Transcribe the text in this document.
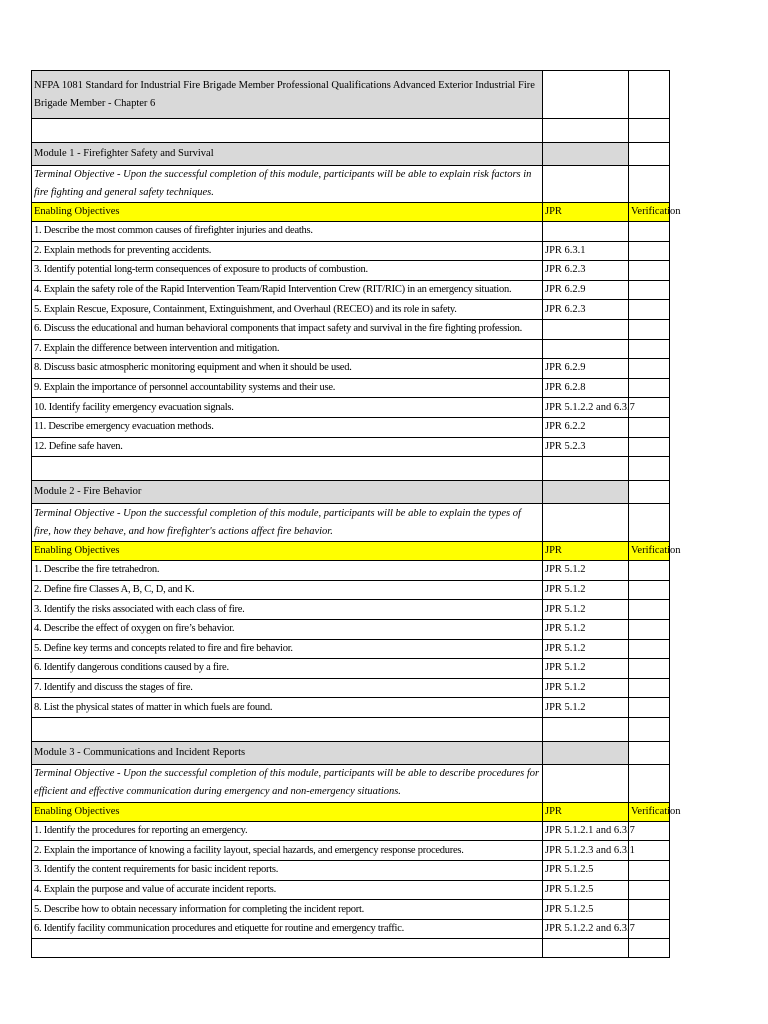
NFPA 1081 Standard for Industrial Fire Brigade Member Professional Qualifications Advanced Exterior Industrial Fire Brigade Member - Chapter 6		

Module 1 - Firefighter Safety and Survival		
Terminal Objective - Upon the successful completion of this module, participants will be able to explain risk factors in fire fighting and general safety techniques.		
Enabling Objectives	JPR	Verification
1. Describe the most common causes of firefighter injuries and deaths.		
2. Explain methods for preventing accidents.	JPR 6.3.1	
3. Identify potential long-term consequences of exposure to products of combustion.	JPR 6.2.3	
4. Explain the safety role of the Rapid Intervention Team/Rapid Intervention Crew (RIT/RIC) in an emergency situation.	JPR 6.2.9	
5. Explain Rescue, Exposure, Containment, Extinguishment, and Overhaul (RECEO) and its role in safety.	JPR 6.2.3	
6. Discuss the educational and human behavioral components that impact safety and survival in the fire fighting profession.		
7. Explain the difference between intervention and mitigation.		
8. Discuss basic atmospheric monitoring equipment and when it should be used.	JPR 6.2.9	
9. Explain the importance of personnel accountability systems and their use.	JPR 6.2.8	
10. Identify facility emergency evacuation signals.	JPR 5.1.2.2 and 6.3.7	
11. Describe emergency evacuation methods.	JPR 6.2.2	
12. Define safe haven.	JPR 5.2.3	

Module 2 - Fire Behavior		
Terminal Objective - Upon the successful completion of this module, participants will be able to explain the types of fire, how they behave, and how firefighter's actions affect fire behavior.		
Enabling Objectives	JPR	Verification
1. Describe the fire tetrahedron.	JPR 5.1.2	
2. Define fire Classes A, B, C, D, and K.	JPR 5.1.2	
3. Identify the risks associated with each class of fire.	JPR 5.1.2	
4. Describe the effect of oxygen on fire’s behavior.	JPR 5.1.2	
5. Define key terms and concepts related to fire and fire behavior.	JPR 5.1.2	
6. Identify dangerous conditions caused by a fire.	JPR 5.1.2	
7. Identify and discuss the stages of fire.	JPR 5.1.2	
8. List the physical states of matter in which fuels are found.	JPR 5.1.2	

Module 3 - Communications and Incident Reports		
Terminal Objective - Upon the successful completion of this module, participants will be able to describe procedures for efficient and effective communication during emergency and non-emergency situations.		
Enabling Objectives	JPR	Verification
1. Identify the procedures for reporting an emergency.	JPR 5.1.2.1 and 6.3.7	
2. Explain the importance of knowing a facility layout, special hazards, and emergency response procedures.	JPR 5.1.2.3 and 6.3.1	
3. Identify the content requirements for basic incident reports.	JPR 5.1.2.5	
4. Explain the purpose and value of accurate incident reports.	JPR 5.1.2.5	
5. Describe how to obtain necessary information for completing the incident report.	JPR 5.1.2.5	
6. Identify facility communication procedures and etiquette for routine and emergency traffic.	JPR 5.1.2.2 and 6.3.7	
